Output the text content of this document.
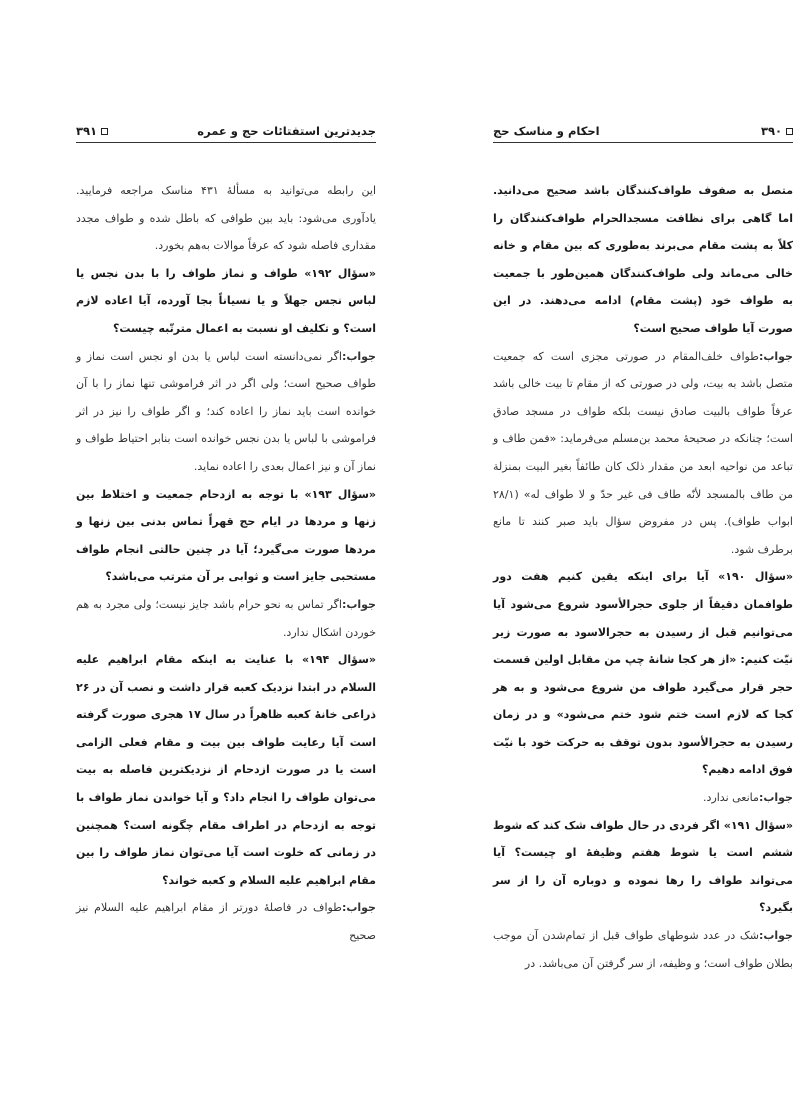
جدیدترین استفتائات حج و عمره
۳۹۱

این رابطه می‌توانید به مسألهٔ ۴۳۱ مناسک مراجعه فرمایید. یادآوری می‌شود: باید بین طوافی که باطل شده و طواف مجدد مقداری فاصله شود که عرفاً موالات به‌هم بخورد.

«سؤال ۱۹۲» طواف و نماز طواف را با بدن نجس یا لباس نجس جهلاً و یا نسیاناً بجا آورده، آیا اعاده لازم است؟ و تکلیف او نسبت به اعمال مترتّبه چیست؟

جواب:اگر نمی‌دانسته است لباس یا بدن او نجس است نماز و طواف صحیح است؛ ولی اگر در اثر فراموشی تنها نماز را با آن خوانده است باید نماز را اعاده کند؛ و اگر طواف را نیز در اثر فراموشی با لباس یا بدن نجس خوانده است بنابر احتیاط طواف و نماز آن و نیز اعمال بعدی را اعاده نماید.

«سؤال ۱۹۳» با توجه به ازدحام جمعیت و اختلاط بین زنها و مردها در ایام حج قهراً تماس بدنی بین زنها و مردها صورت می‌گیرد؛ آیا در چنین حالتی انجام طواف مستحبی جایز است و ثوابی بر آن مترتب می‌باشد؟

جواب:اگر تماس به نحو حرام باشد جایز نیست؛ ولی مجرد به هم خوردن اشکال ندارد.

«سؤال ۱۹۴» با عنایت به اینکه مقام ابراهیم علیه السلام در ابتدا نزدیک کعبه قرار داشت و نصب آن در ۲۶ ذراعی خانهٔ کعبه ظاهراً در سال ۱۷ هجری صورت گرفته است آیا رعایت طواف بین بیت و مقام فعلی الزامی است یا در صورت ازدحام از نزدیکترین فاصله به بیت می‌توان طواف را انجام داد؟ و آیا خواندن نماز طواف با توجه به ازدحام در اطراف مقام چگونه است؟ همچنین در زمانی که خلوت است آیا می‌توان نماز طواف را بین مقام ابراهیم علیه السلام و کعبه خواند؟

جواب:طواف در فاصلهٔ دورتر از مقام ابراهیم علیه السلام نیز صحیح

۳۹۰
احکام و مناسک حج

متصل به صفوف طواف‌کنندگان باشد صحیح می‌دانید. اما گاهی برای نظافت مسجدالحرام طواف‌کنندگان را کلاً به پشت مقام می‌برند به‌طوری که بین مقام و خانه خالی می‌ماند ولی طواف‌کنندگان همین‌طور با جمعیت به طواف خود (پشت مقام) ادامه می‌دهند. در این صورت آیا طواف صحیح است؟

جواب:طواف خلف‌المقام در صورتی مجزی است که جمعیت متصل باشد به بیت، ولی در صورتی که از مقام تا بیت خالی باشد عرفاً طواف بالبیت صادق نیست بلکه طواف در مسجد صادق است؛ چنانکه در صحیحهٔ محمد بن‌مسلم می‌فرماید: «فمن طاف و تباعد من نواحیه ابعد من مقدار ذلک کان طائفاً بغیر البیت بمنزلة من طاف بالمسجد لأنّه طاف فی غیر حدّ و لا طواف له» (۲۸/۱ ابواب طواف). پس در مفروض سؤال باید صبر کنند تا مانع برطرف شود.

«سؤال ۱۹۰» آیا برای اینکه یقین کنیم هفت دور طوافمان دقیقاً از جلوی حجرالأسود شروع می‌شود آیا می‌توانیم قبل از رسیدن به حجرالاسود به صورت زیر نیّت کنیم: «از هر کجا شانهٔ چپ من مقابل اولین قسمت حجر قرار می‌گیرد طواف من شروع می‌شود و به هر کجا که لازم است ختم شود ختم می‌شود» و در زمان رسیدن به حجرالأسود بدون توقف به حرکت خود با نیّت فوق ادامه دهیم؟

جواب:مانعی ندارد.

«سؤال ۱۹۱» اگر فردی در حال طواف شک کند که شوط ششم است یا شوط هفتم وظیفهٔ او چیست؟ آیا می‌تواند طواف را رها نموده و دوباره آن را از سر بگیرد؟

جواب:شک در عدد شوطهای طواف قبل از تمام‌شدن آن موجب بطلان طواف است؛ و وظیفه، از سر گرفتن آن می‌باشد. در
